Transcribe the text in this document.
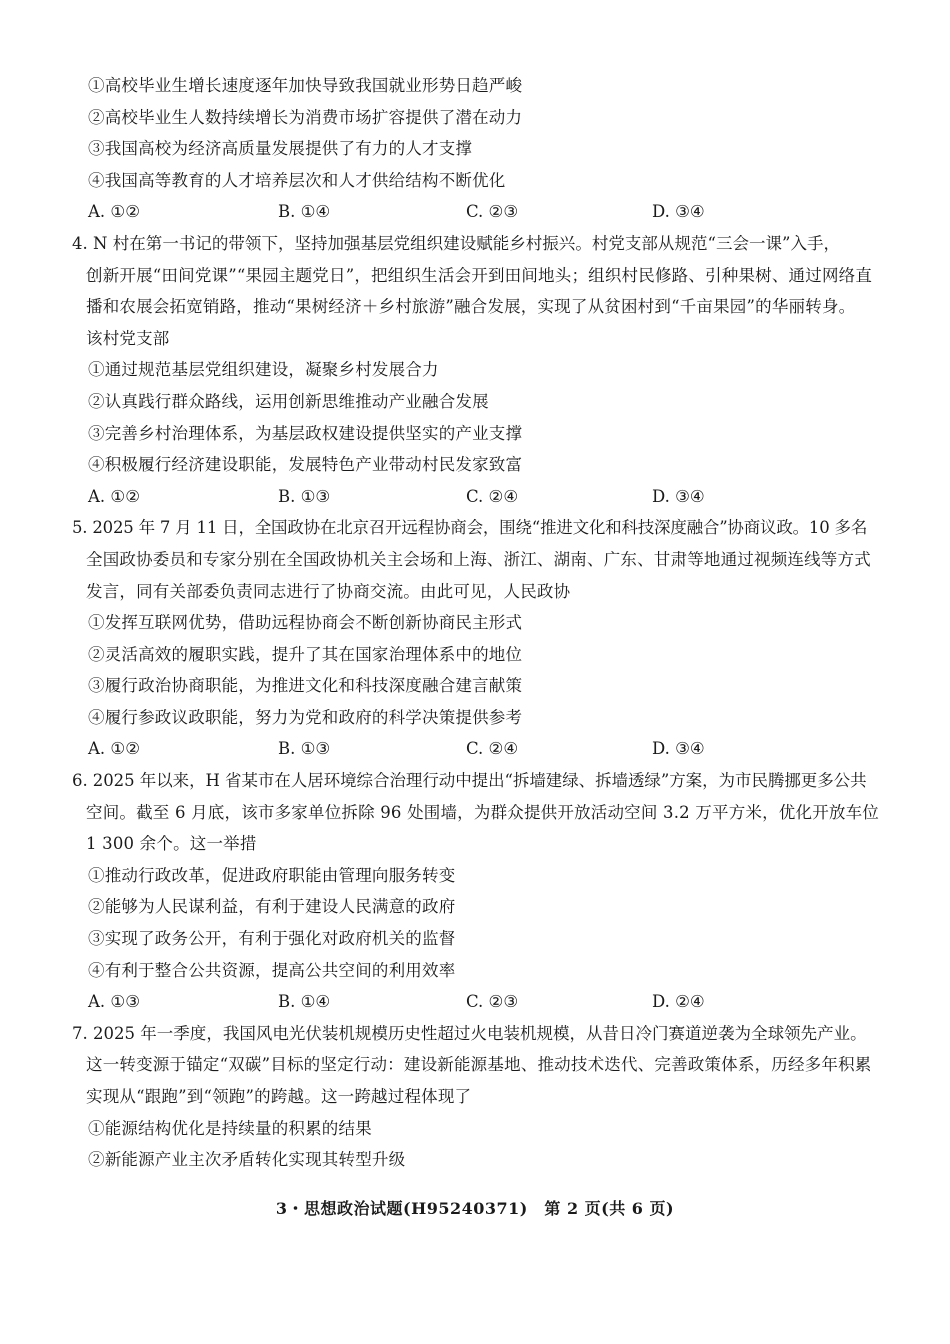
①高校毕业生增长速度逐年加快导致我国就业形势日趋严峻
②高校毕业生人数持续增长为消费市场扩容提供了潜在动力
③我国高校为经济高质量发展提供了有力的人才支撑
④我国高等教育的人才培养层次和人才供给结构不断优化
A. ①②	B. ①④	C. ②③	D. ③④
4. N 村在第一书记的带领下，坚持加强基层党组织建设赋能乡村振兴。村党支部从规范“三会一课”入手，
创新开展“田间党课”“果园主题党日”，把组织生活会开到田间地头；组织村民修路、引种果树、通过网络直
播和农展会拓宽销路，推动“果树经济＋乡村旅游”融合发展，实现了从贫困村到“千亩果园”的华丽转身。
该村党支部
①通过规范基层党组织建设，凝聚乡村发展合力
②认真践行群众路线，运用创新思维推动产业融合发展
③完善乡村治理体系，为基层政权建设提供坚实的产业支撑
④积极履行经济建设职能，发展特色产业带动村民发家致富
A. ①②	B. ①③	C. ②④	D. ③④
5. 2025 年 7 月 11 日，全国政协在北京召开远程协商会，围绕“推进文化和科技深度融合”协商议政。10 多名
全国政协委员和专家分别在全国政协机关主会场和上海、浙江、湖南、广东、甘肃等地通过视频连线等方式
发言，同有关部委负责同志进行了协商交流。由此可见，人民政协
①发挥互联网优势，借助远程协商会不断创新协商民主形式
②灵活高效的履职实践，提升了其在国家治理体系中的地位
③履行政治协商职能，为推进文化和科技深度融合建言献策
④履行参政议政职能，努力为党和政府的科学决策提供参考
A. ①②	B. ①③	C. ②④	D. ③④
6. 2025 年以来，H 省某市在人居环境综合治理行动中提出“拆墙建绿、拆墙透绿”方案，为市民腾挪更多公共
空间。截至 6 月底，该市多家单位拆除 96 处围墙，为群众提供开放活动空间 3.2 万平方米，优化开放车位
1 300 余个。这一举措
①推动行政改革，促进政府职能由管理向服务转变
②能够为人民谋利益，有利于建设人民满意的政府
③实现了政务公开，有利于强化对政府机关的监督
④有利于整合公共资源，提高公共空间的利用效率
A. ①③	B. ①④	C. ②③	D. ②④
7. 2025 年一季度，我国风电光伏装机规模历史性超过火电装机规模，从昔日冷门赛道逆袭为全球领先产业。
这一转变源于锚定“双碳”目标的坚定行动：建设新能源基地、推动技术迭代、完善政策体系，历经多年积累
实现从“跟跑”到“领跑”的跨越。这一跨越过程体现了
①能源结构优化是持续量的积累的结果
②新能源产业主次矛盾转化实现其转型升级
3・思想政治试题(H95240371)　第 2 页(共 6 页)
